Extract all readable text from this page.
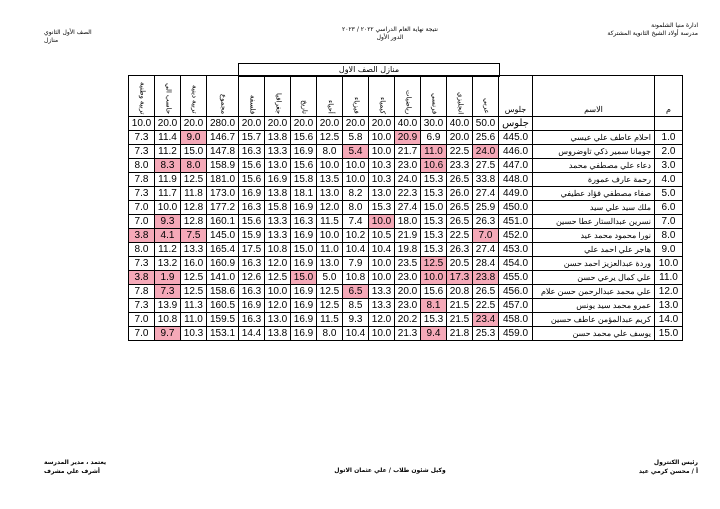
ادارة منيا الشلمونة
مدرسة أولاد الشيخ الثانوية المشتركة
نتيجة نهاية العام الدراسي ٢٠٢٢ / ٢٠٢٣
الدور الأول
الصف الأول الثانوي
منازل
منازل الصف الاول
تربية وطنية	حاسب الي	تربية دينية	مجموع	فلسفة	جغرافيا	تاريخ	أحياء	فيزياء	كيمياء	رياضيات	فرنسي	انجليزي	عربي	جلوس	الاسم	م
10.0	20.0	20.0	280.0	20.0	20.0	20.0	20.0	20.0	20.0	40.0	30.0	40.0	50.0	جلوس		
7.3	11.4	9.0	146.7	15.7	13.8	15.6	12.5	5.8	10.0	20.9	6.9	20.0	25.6	445.0	احلام عاطف علي عيسي	1.0
7.3	11.2	15.0	147.8	16.3	13.3	16.9	8.0	5.4	10.0	21.7	11.0	22.5	24.0	446.0	جومانا سمير ذكي تاوضروس	2.0
8.0	8.3	8.0	158.9	15.6	13.0	15.6	10.0	10.0	10.3	23.0	10.6	23.3	27.5	447.0	دعاء علي مصطفي محمد	3.0
7.8	11.9	12.5	181.0	15.6	16.9	15.8	13.5	10.0	10.3	24.0	15.3	26.5	33.8	448.0	رحمة عارف عمورة	4.0
7.3	11.7	11.8	173.0	16.9	13.8	18.1	13.0	8.2	13.0	22.3	15.3	26.0	27.4	449.0	صفاء مصطفي فؤاد عطيفي	5.0
7.0	10.0	12.8	177.2	16.3	15.8	16.9	12.0	8.0	15.3	27.4	15.0	26.5	25.9	450.0	ملك سيد علي سيد	6.0
7.0	9.3	12.8	160.1	15.6	13.3	16.3	11.5	7.4	10.0	18.0	15.3	26.5	26.3	451.0	نسرين عبدالستار عطا حسين	7.0
3.8	4.1	7.5	145.0	15.9	13.3	16.9	10.0	10.2	10.5	21.9	15.3	22.5	7.0	452.0	نورا محمود محمد عيد	8.0
8.0	11.2	13.3	165.4	17.5	10.8	15.0	11.0	10.4	10.4	19.8	15.3	26.3	27.4	453.0	هاجر علي احمد علي	9.0
7.3	13.2	16.0	160.9	16.3	12.0	16.9	13.0	7.9	10.0	23.5	12.5	20.5	28.4	454.0	وردة عبدالعزيز احمد حسن	10.0
3.8	1.9	12.5	141.0	12.6	12.5	15.0	5.0	10.8	10.0	23.0	10.0	17.3	23.8	455.0	علي كمال يرعي حسن	11.0
7.8	7.3	12.5	158.6	16.3	10.0	16.9	12.5	6.5	13.3	20.0	15.6	20.8	26.5	456.0	علي محمد عبدالرحمن حسن علام	12.0
7.3	13.9	11.3	160.5	16.9	12.0	16.9	12.5	8.5	13.3	23.0	8.1	21.5	22.5	457.0	عمرو محمد سيد يونس	13.0
7.0	10.8	11.0	159.5	16.3	13.0	16.9	11.5	9.3	12.0	20.2	15.3	21.5	23.4	458.0	كريم عبدالمؤمن عاطف حسين	14.0
7.0	9.7	10.3	153.1	14.4	13.8	16.9	8.0	10.4	10.0	21.3	9.4	21.8	25.3	459.0	يوسف علي محمد حسن	15.0
رئيس الكنترول
أ / محسن كرمي عيد
وكيل شئون طلاب / علي عثمان الاتول
يعتمد ، مدير المدرسة
أشرف علي مشرف
